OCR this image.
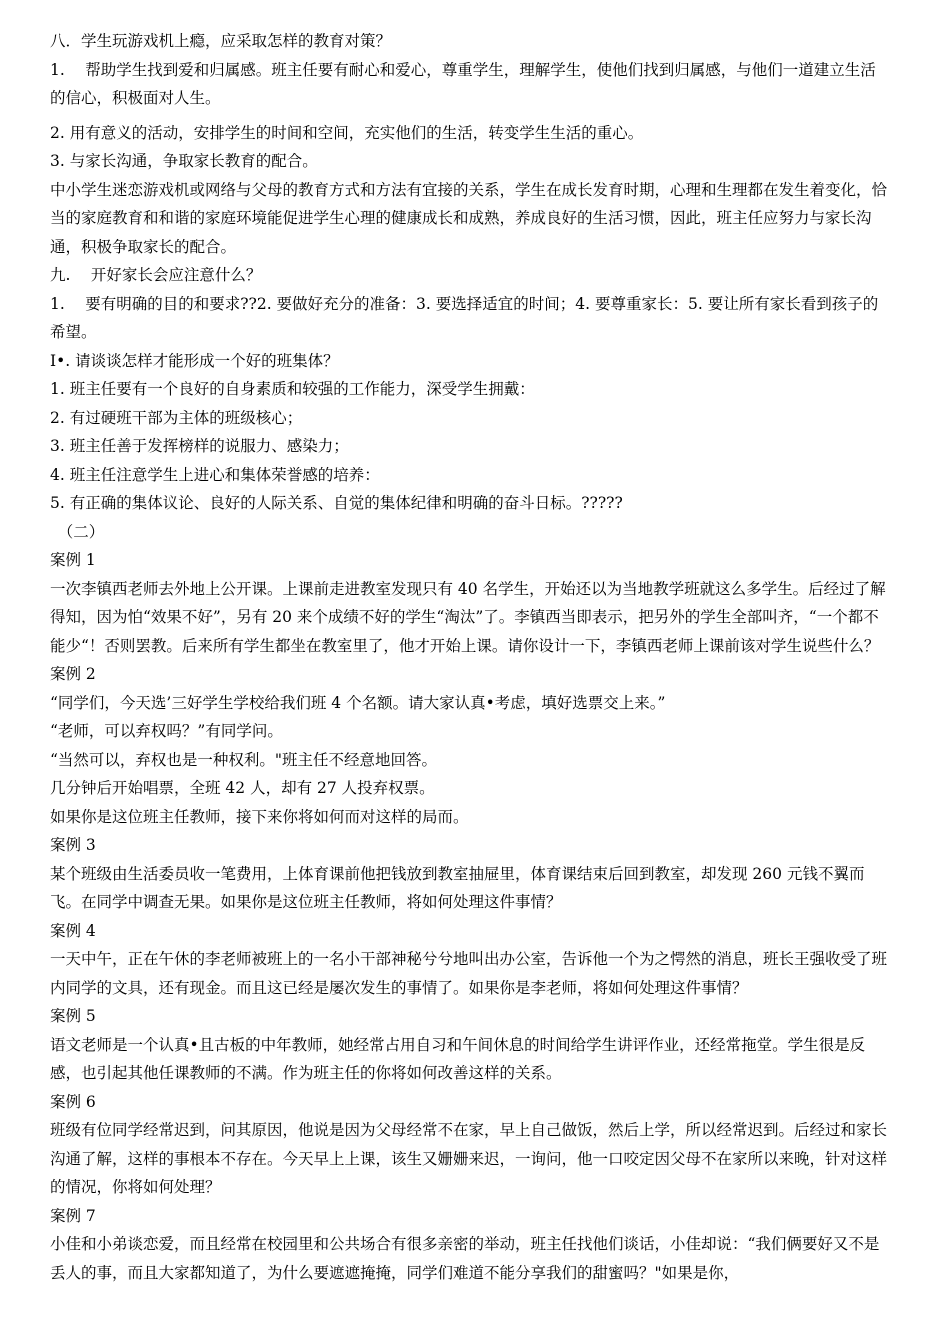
八．学生玩游戏机上瘾，应采取怎样的教育对策？

1.　 帮助学生找到爱和归属感。班主任要有耐心和爱心，尊重学生，理解学生，使他们找到归属感，与他们一道建立生活的信心，积极面对人生。

2. 用有意义的活动，安排学生的时间和空间，充实他们的生活，转变学生生活的重心。

3. 与家长沟通，争取家长教育的配合。

中小学生迷恋游戏机或网络与父母的教育方式和方法有宜接的关系，学生在成长发育时期，心理和生理都在发生着变化，恰当的家庭教育和和谐的家庭环境能促进学生心理的健康成长和成熟，养成良好的生活习惯，因此，班主任应努力与家长沟通，积极争取家长的配合。

九.　 开好家长会应注意什么？

1.　 要有明确的目的和要求??2. 要做好充分的准备：3. 要选择适宜的时间；4. 要尊重家长：5. 要让所有家长看到孩子的希望。

I•. 请谈谈怎样才能形成一个好的班集体？

1. 班主任要有一个良好的自身素质和较强的工作能力，深受学生拥戴：

2. 有过硬班干部为主体的班级核心；

3. 班主任善于发挥榜样的说服力、感染力；

4. 班主任注意学生上进心和集体荣誉感的培养：

5. 有正确的集体议论、良好的人际关系、自觉的集体纪律和明确的奋斗日标。?????

　（二）

案例 1

一次李镇西老师去外地上公开课。上课前走进教室发现只有 40 名学生，开始还以为当地教学班就这么多学生。后经过了解得知，因为怕“效果不好”，另有 20 来个成绩不好的学生“淘汰”了。李镇西当即表示，把另外的学生全部叫齐，“一个都不能少“！否则罢教。后来所有学生都坐在教室里了，他才开始上课。请你设计一下，李镇西老师上课前该对学生说些什么？

案例 2

“同学们，今天选’三好学生学校给我们班 4 个名额。请大家认真•考虑，填好选票交上来。”

“老师，可以弃权吗？”有同学问。

“当然可以，弃权也是一种权利。"班主任不经意地回答。

几分钟后开始唱票，全班 42 人，却有 27 人投弃权票。

如果你是这位班主任教师，接下来你将如何而对这样的局而。

案例 3

某个班级由生活委员收一笔费用，上体育课前他把钱放到教室抽屉里，体育课结束后回到教室，却发现 260 元钱不翼而飞。在同学中调查无果。如果你是这位班主任教师，将如何处理这件事情？

案例 4

一天中午，正在午休的李老师被班上的一名小干部神秘兮兮地叫出办公室，告诉他一个为之愕然的消息，班长王强收受了班内同学的文具，还有现金。而且这已经是屡次发生的事情了。如果你是李老师，将如何处理这件事情？

案例 5

语文老师是一个认真•且古板的中年教师，她经常占用自习和午间休息的时间给学生讲评作业，还经常拖堂。学生很是反感，也引起其他任课教师的不满。作为班主任的你将如何改善这样的关系。

案例 6

班级有位同学经常迟到，问其原因，他说是因为父母经常不在家，早上自己做饭，然后上学，所以经常迟到。后经过和家长沟通了解，这样的事根本不存在。今天早上上课，该生又姗姗来迟，一询问，他一口咬定因父母不在家所以来晚，针对这样的情况，你将如何处理？

案例 7

小佳和小弟谈恋爱，而且经常在校园里和公共场合有很多亲密的举动，班主任找他们谈话，小佳却说：“我们俩要好又不是丢人的事，而且大家都知道了，为什么要遮遮掩掩，同学们难道不能分享我们的甜蜜吗？"如果是你，
